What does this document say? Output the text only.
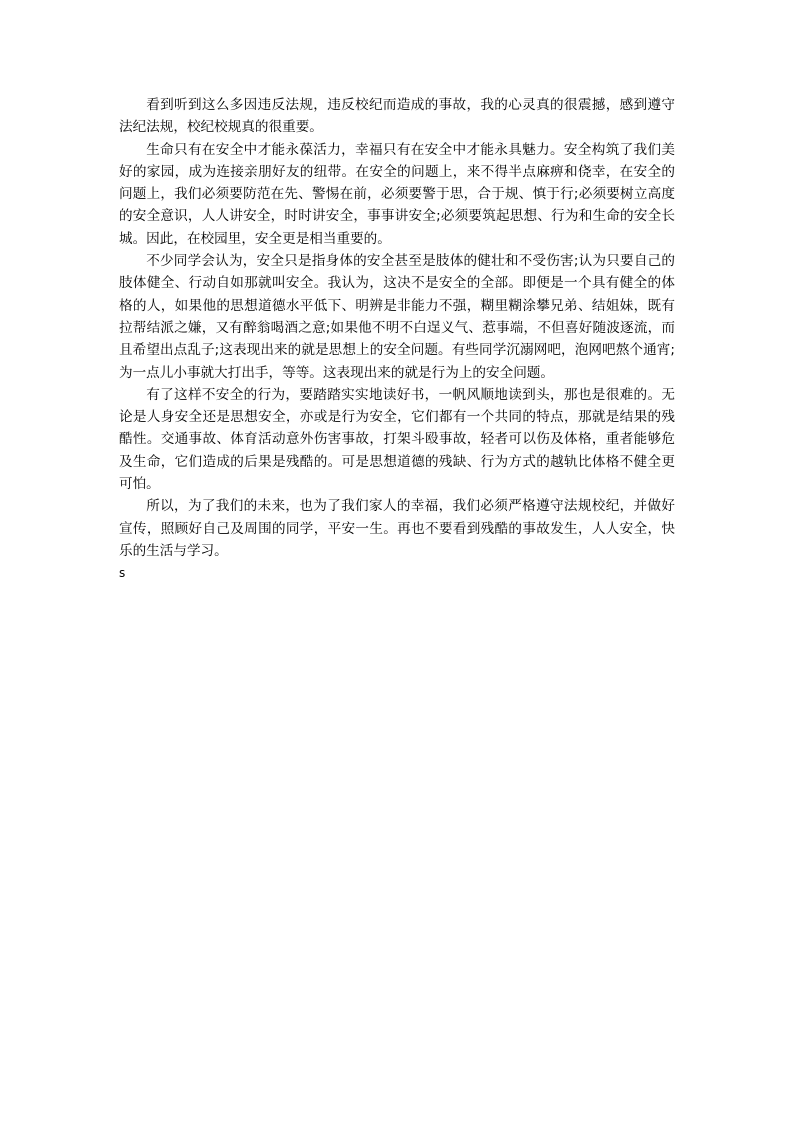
看到听到这么多因违反法规，违反校纪而造成的事故，我的心灵真的很震撼，感到遵守法纪法规，校纪校规真的很重要。

生命只有在安全中才能永葆活力，幸福只有在安全中才能永具魅力。安全构筑了我们美好的家园，成为连接亲朋好友的纽带。在安全的问题上，来不得半点麻痹和侥幸，在安全的问题上，我们必须要防范在先、警惕在前，必须要警于思，合于规、慎于行;必须要树立高度的安全意识，人人讲安全，时时讲安全，事事讲安全;必须要筑起思想、行为和生命的安全长城。因此，在校园里，安全更是相当重要的。

不少同学会认为，安全只是指身体的安全甚至是肢体的健壮和不受伤害;认为只要自己的肢体健全、行动自如那就叫安全。我认为，这决不是安全的全部。即便是一个具有健全的体格的人，如果他的思想道德水平低下、明辨是非能力不强，糊里糊涂攀兄弟、结姐妹，既有拉帮结派之嫌，又有醉翁喝酒之意;如果他不明不白逞义气、惹事端，不但喜好随波逐流，而且希望出点乱子;这表现出来的就是思想上的安全问题。有些同学沉溺网吧，泡网吧熬个通宵;为一点儿小事就大打出手，等等。这表现出来的就是行为上的安全问题。

有了这样不安全的行为，要踏踏实实地读好书，一帆风顺地读到头，那也是很难的。无论是人身安全还是思想安全，亦或是行为安全，它们都有一个共同的特点，那就是结果的残酷性。交通事故、体育活动意外伤害事故，打架斗殴事故，轻者可以伤及体格，重者能够危及生命，它们造成的后果是残酷的。可是思想道德的残缺、行为方式的越轨比体格不健全更可怕。

所以，为了我们的未来，也为了我们家人的幸福，我们必须严格遵守法规校纪，并做好宣传，照顾好自己及周围的同学，平安一生。再也不要看到残酷的事故发生，人人安全，快乐的生活与学习。

s
